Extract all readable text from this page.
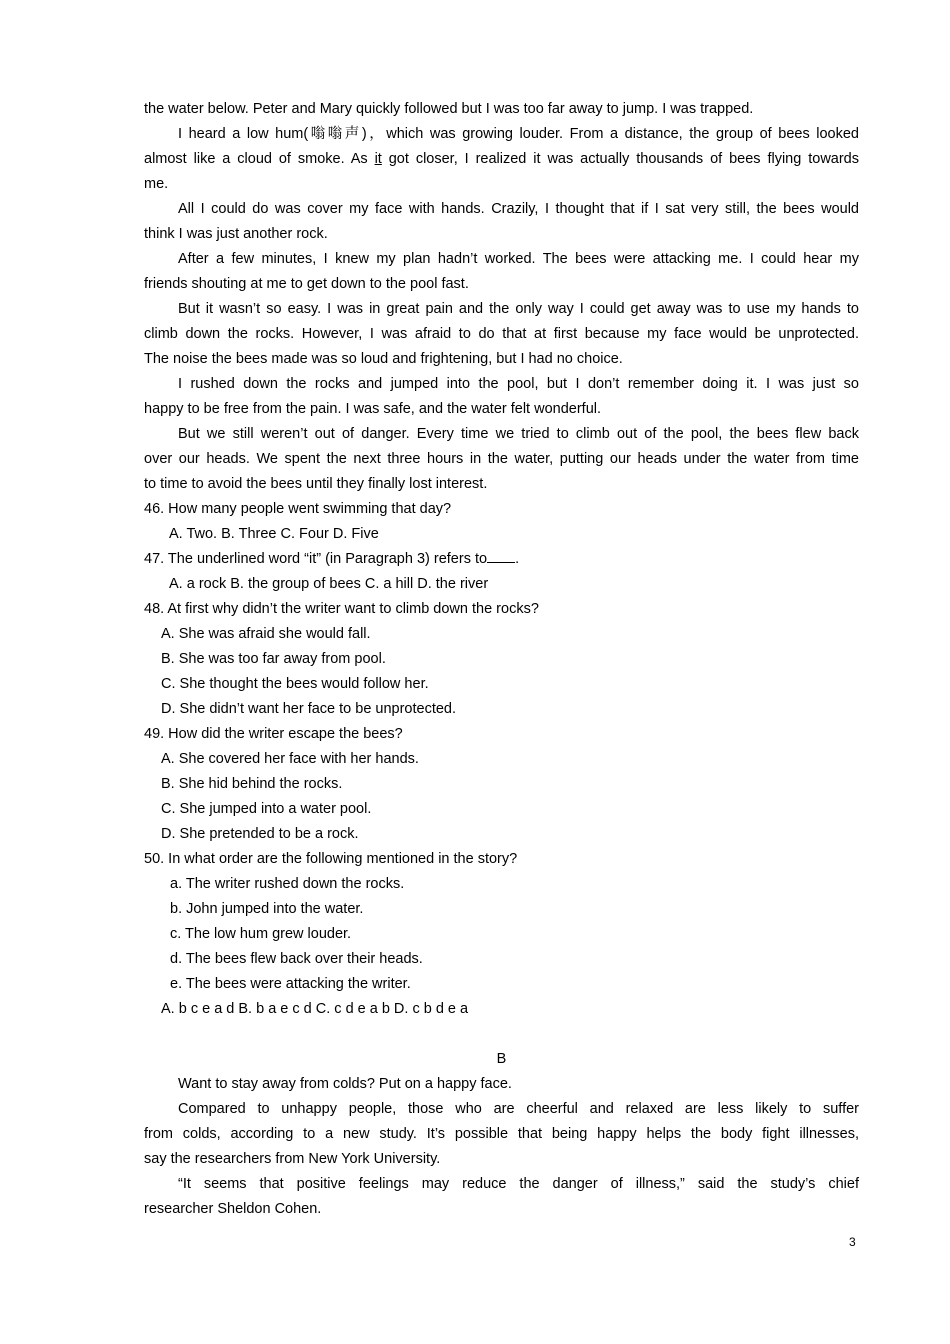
the water below. Peter and Mary quickly followed but I was too far away to jump. I was trapped.
I heard a low hum(嗡嗡声)，which was growing louder. From a distance, the group of bees looked
almost like a cloud of smoke. As it got closer, I realized it was actually thousands of bees flying towards
me.
All I could do was cover my face with hands. Crazily, I thought that if I sat very still, the bees would
think I was just another rock.
After a few minutes, I knew my plan hadn’t worked. The bees were attacking me. I could hear my
friends shouting at me to get down to the pool fast.
But it wasn’t so easy. I was in great pain and the only way I could get away was to use my hands to
climb down the rocks. However, I was afraid to do that at first because my face would be unprotected.
The noise the bees made was so loud and frightening, but I had no choice.
I rushed down the rocks and jumped into the pool, but I don’t remember doing it. I was just so
happy to be free from the pain. I was safe, and the water felt wonderful.
But we still weren’t out of danger. Every time we tried to climb out of the pool, the bees flew back
over our heads. We spent the next three hours in the water, putting our heads under the water from time
to time to avoid the bees until they finally lost interest.
46. How many people went swimming that day?
A. Two. B. Three C. Four D. Five
47. The underlined word “it” (in Paragraph 3) refers to .
A. a rock B. the group of bees C. a hill D. the river
48. At first why didn’t the writer want to climb down the rocks?
A. She was afraid she would fall.
B. She was too far away from pool.
C. She thought the bees would follow her.
D. She didn’t want her face to be unprotected.
49. How did the writer escape the bees?
A. She covered her face with her hands.
B. She hid behind the rocks.
C. She jumped into a water pool.
D. She pretended to be a rock.
50. In what order are the following mentioned in the story?
a. The writer rushed down the rocks.
b. John jumped into the water.
c. The low hum grew louder.
d. The bees flew back over their heads.
e. The bees were attacking the writer.
A. b c e a d B. b a e c d C. c d e a b D. c b d e a
B
Want to stay away from colds? Put on a happy face.
Compared to unhappy people, those who are cheerful and relaxed are less likely to suffer
from colds, according to a new study. It’s possible that being happy helps the body fight illnesses,
say the researchers from New York University.
“It seems that positive feelings may reduce the danger of illness,” said the study’s chief
researcher Sheldon Cohen.
3
